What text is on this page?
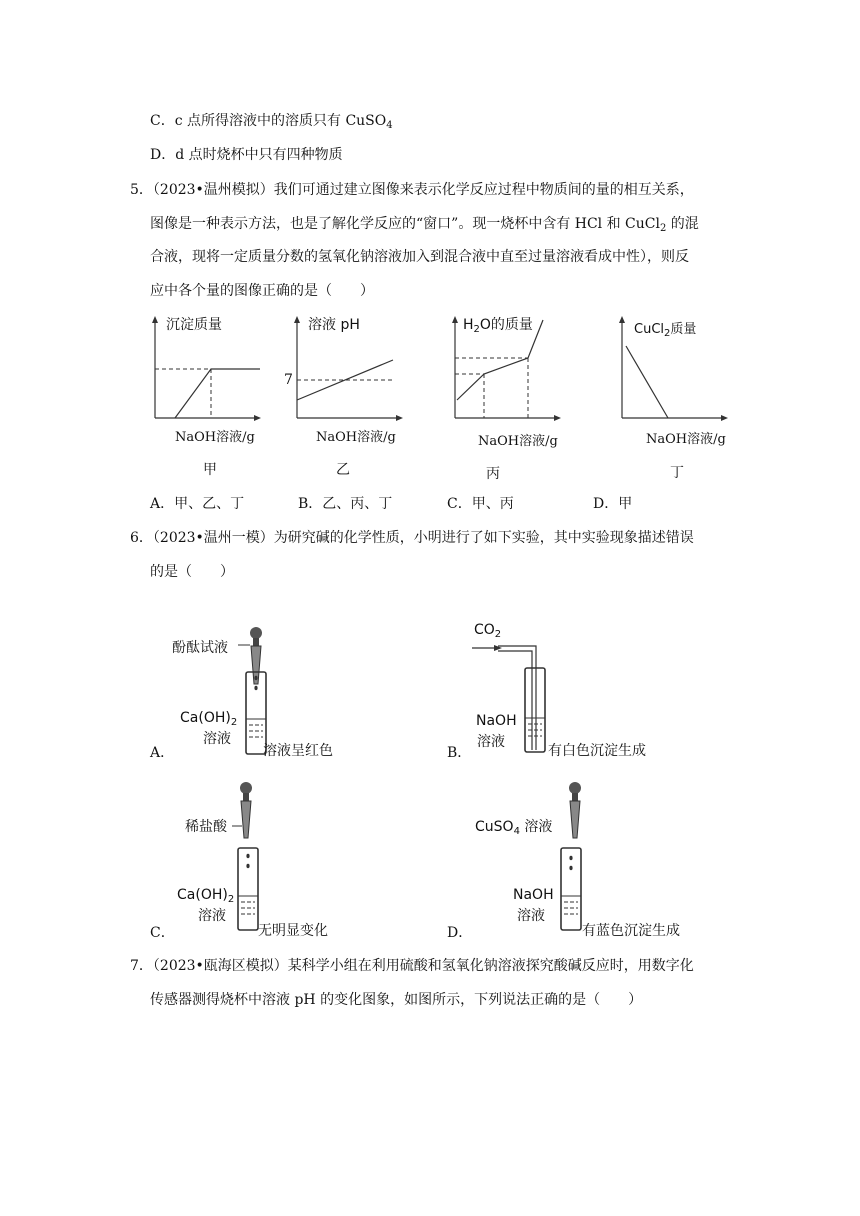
C．c 点所得溶液中的溶质只有 CuSO$_4$
D．d 点时烧杯中只有四种物质
5．（2023•温州模拟）我们可通过建立图像来表示化学反应过程中物质间的量的相互关系，
图像是一种表示方法，也是了解化学反应的“窗口”。现一烧杯中含有 HCl 和 CuCl$_2$ 的混
合液，现将一定质量分数的氢氧化钠溶液加入到混合液中直至过量溶液看成中性），则反
应中各个量的图像正确的是（　　）
沉淀质量
NaOH溶液/g
甲
溶液 pH
7
NaOH溶液/g
乙
$H_2O$的质量
NaOH溶液/g
丙
CuCl$_2$质量
NaOH溶液/g
丁
A．甲、乙、丁	B．乙、丙、丁	C．甲、丙	D．甲
6．（2023•温州一模）为研究碱的化学性质，小明进行了如下实验，其中实验现象描述错误
的是（　　）
酚酞试液
$Ca(OH)_2$
溶液
A．	溶液呈红色
$CO_2$
NaOH
溶液
B．	有白色沉淀生成
稀盐酸
$Ca(OH)_2$
溶液
C．	无明显变化
CuSO$_4$ 溶液
NaOH
溶液
D．	有蓝色沉淀生成
7．（2023•瓯海区模拟）某科学小组在利用硫酸和氢氧化钠溶液探究酸碱反应时，用数字化
传感器测得烧杯中溶液 pH 的变化图象，如图所示，下列说法正确的是（　　）
